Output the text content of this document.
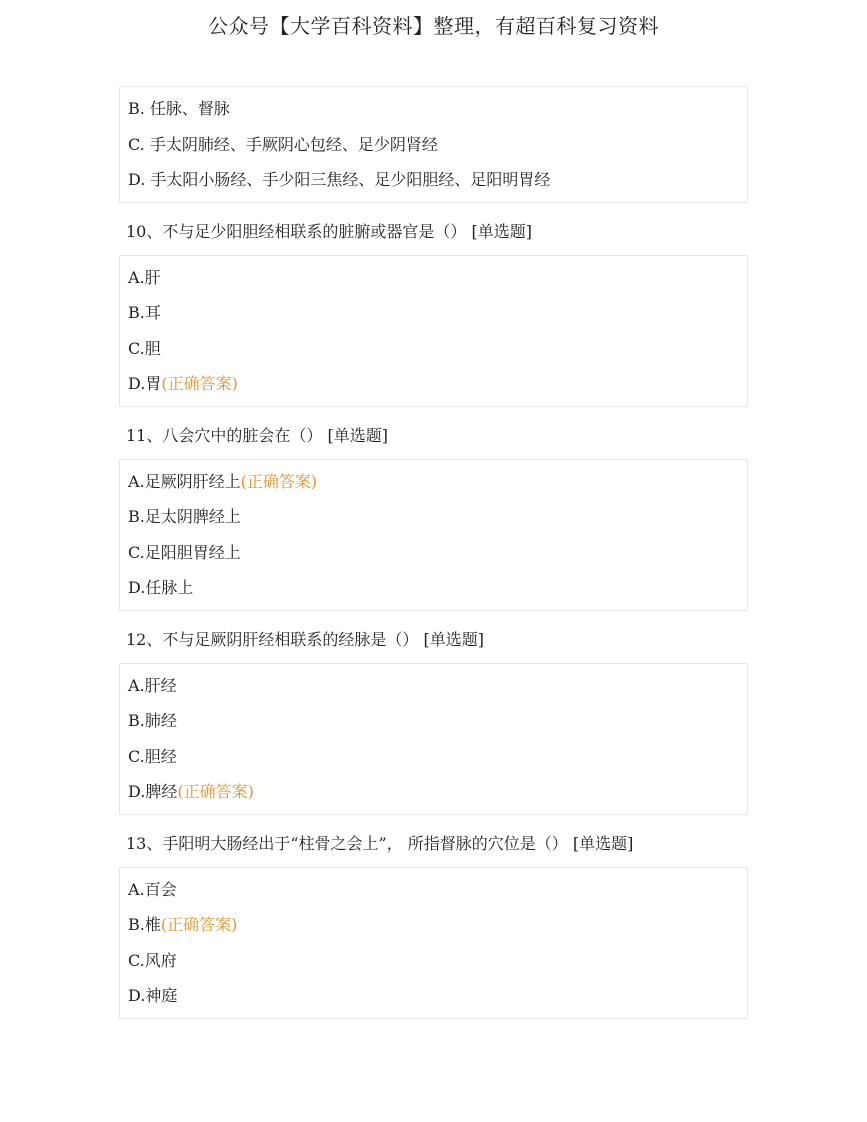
公众号【大学百科资料】整理，有超百科复习资料
B. 任脉、督脉
C. 手太阴肺经、手厥阴心包经、足少阴肾经
D. 手太阳小肠经、手少阳三焦经、足少阳胆经、足阳明胃经
10、不与足少阳胆经相联系的脏腑或器官是（） [单选题]
A.肝
B.耳
C.胆
D.胃(正确答案)
11、八会穴中的脏会在（） [单选题]
A.足厥阴肝经上(正确答案)
B.足太阴脾经上
C.足阳胆胃经上
D.任脉上
12、不与足厥阴肝经相联系的经脉是（） [单选题]
A.肝经
B.肺经
C.胆经
D.脾经(正确答案)
13、手阳明大肠经出于“柱骨之会上”， 所指督脉的穴位是（） [单选题]
A.百会
B.椎(正确答案)
C.风府
D.神庭
